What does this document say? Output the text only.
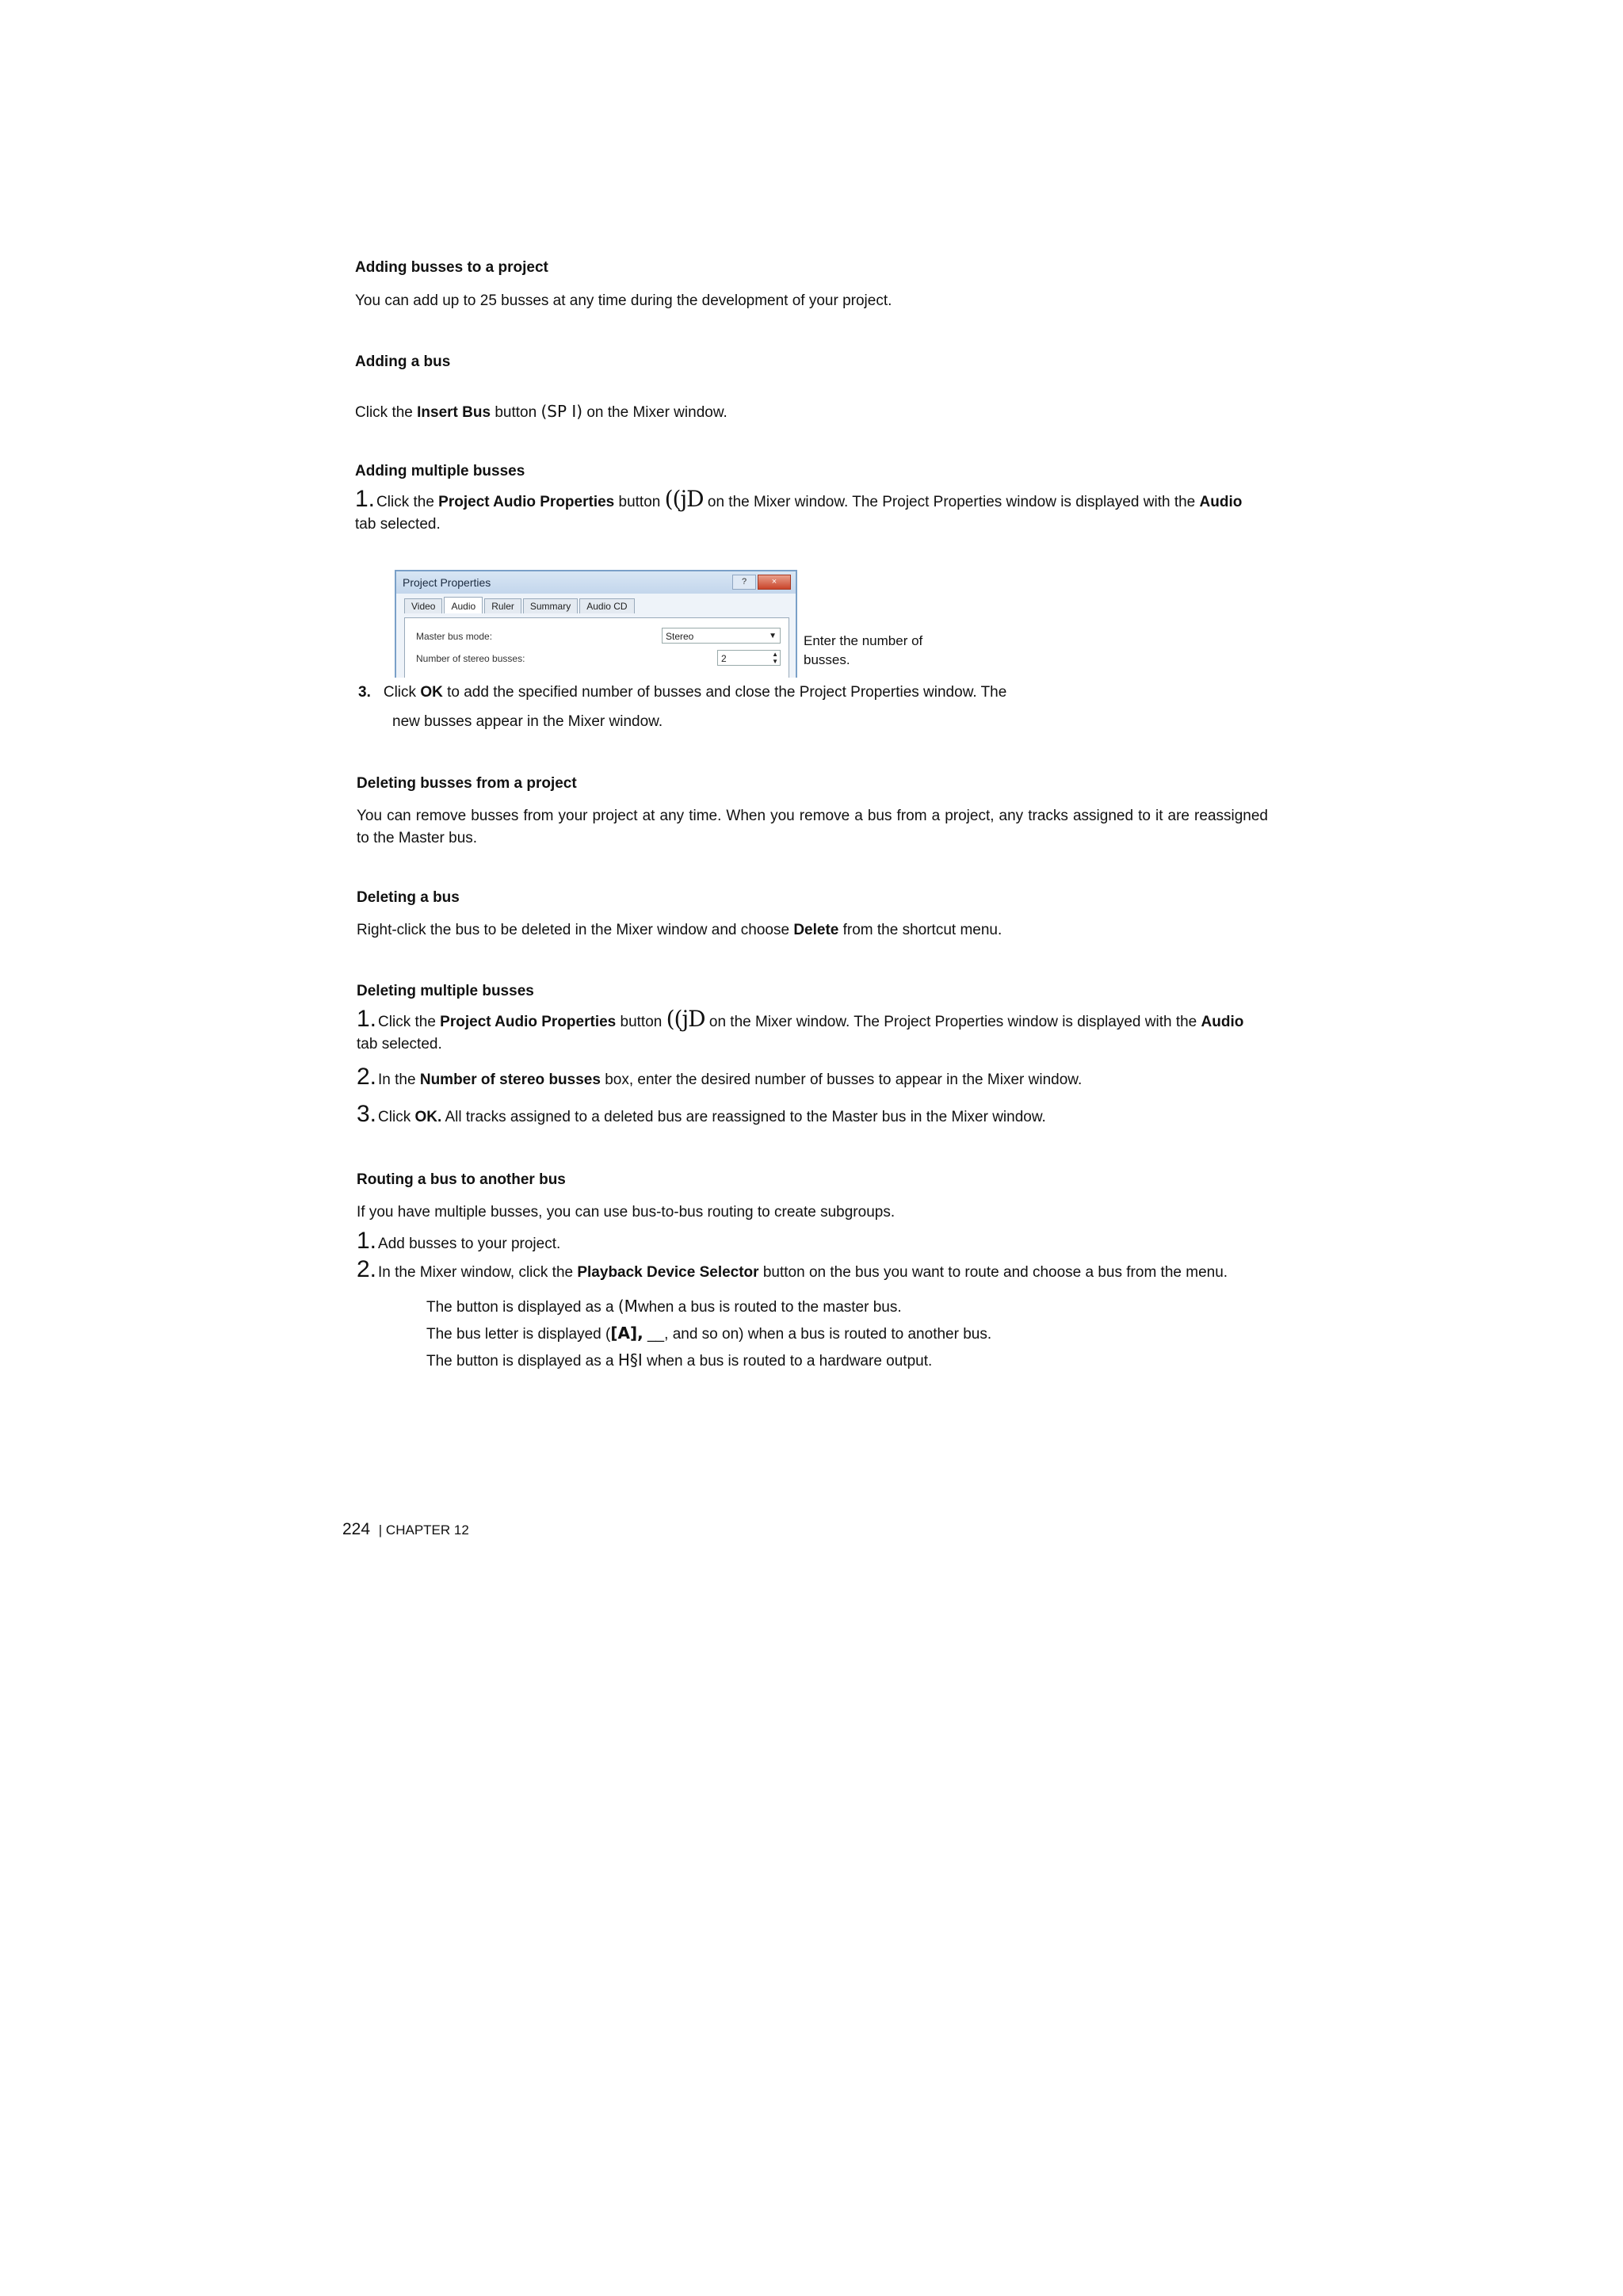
Adding busses to a project
You can add up to 25 busses at any time during the development of your project.
Adding a bus
Click the Insert Bus button (SP I) on the Mixer window.
Adding multiple busses
1. Click the Project Audio Properties button ((jD on the Mixer window. The Project Properties window is displayed with the Audio
tab selected.
Project Properties	?	×
Video	Audio	Ruler	Summary	Audio CD
Master bus mode:	Stereo	▼
Number of stereo busses:	2	▲
▼
Enter the number of busses.
3. Click OK to add the specified number of busses and close the Project Properties window. The
new busses appear in the Mixer window.
Deleting busses from a project
You can remove busses from your project at any time. When you remove a bus from a project, any tracks assigned to it are reassigned to the Master bus.
Deleting a bus
Right-click the bus to be deleted in the Mixer window and choose Delete from the shortcut menu.
Deleting multiple busses
1. Click the Project Audio Properties button ((jD on the Mixer window. The Project Properties window is displayed with the Audio
tab selected.
2. In the Number of stereo busses box, enter the desired number of busses to appear in the Mixer window.
3. Click OK. All tracks assigned to a deleted bus are reassigned to the Master bus in the Mixer window.
Routing a bus to another bus
If you have multiple busses, you can use bus-to-bus routing to create subgroups.
1. Add busses to your project.
2. In the Mixer window, click the Playback Device Selector button on the bus you want to route and choose a bus from the menu.
The button is displayed as a (Mwhen a bus is routed to the master bus.
The bus letter is displayed ([A], __, and so on) when a bus is routed to another bus.
The button is displayed as a H§I when a bus is routed to a hardware output.
224 | CHAPTER 12
